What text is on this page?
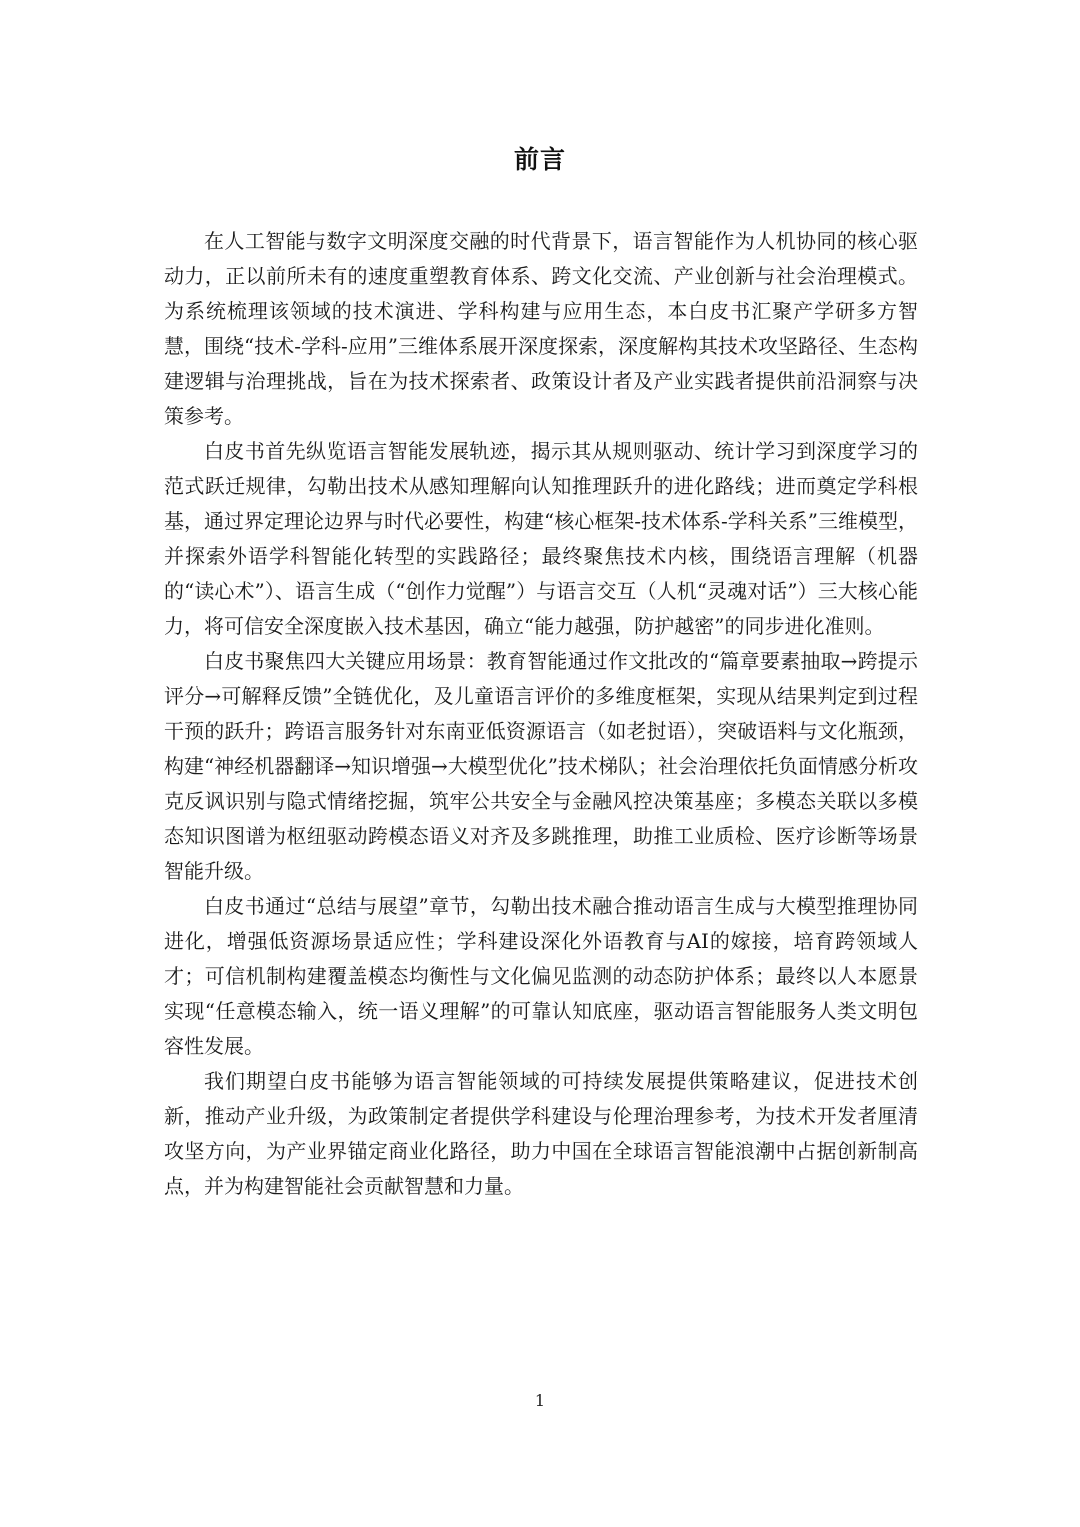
前言

在人工智能与数字文明深度交融的时代背景下，语言智能作为人机协同的核心驱动力，正以前所未有的速度重塑教育体系、跨文化交流、产业创新与社会治理模式。为系统梳理该领域的技术演进、学科构建与应用生态，本白皮书汇聚产学研多方智慧，围绕“技术-学科-应用”三维体系展开深度探索，深度解构其技术攻坚路径、生态构建逻辑与治理挑战，旨在为技术探索者、政策设计者及产业实践者提供前沿洞察与决策参考。

白皮书首先纵览语言智能发展轨迹，揭示其从规则驱动、统计学习到深度学习的范式跃迁规律，勾勒出技术从感知理解向认知推理跃升的进化路线；进而奠定学科根基，通过界定理论边界与时代必要性，构建“核心框架-技术体系-学科关系”三维模型，并探索外语学科智能化转型的实践路径；最终聚焦技术内核，围绕语言理解（机器的“读心术”）、语言生成（“创作力觉醒”）与语言交互（人机“灵魂对话”）三大核心能力，将可信安全深度嵌入技术基因，确立“能力越强，防护越密”的同步进化准则。

白皮书聚焦四大关键应用场景：教育智能通过作文批改的“篇章要素抽取→跨提示评分→可解释反馈”全链优化，及儿童语言评价的多维度框架，实现从结果判定到过程干预的跃升；跨语言服务针对东南亚低资源语言（如老挝语），突破语料与文化瓶颈，构建“神经机器翻译→知识增强→大模型优化”技术梯队；社会治理依托负面情感分析攻克反讽识别与隐式情绪挖掘，筑牢公共安全与金融风控决策基座；多模态关联以多模态知识图谱为枢纽驱动跨模态语义对齐及多跳推理，助推工业质检、医疗诊断等场景智能升级。

白皮书通过“总结与展望”章节，勾勒出技术融合推动语言生成与大模型推理协同进化，增强低资源场景适应性；学科建设深化外语教育与AI的嫁接，培育跨领域人才；可信机制构建覆盖模态均衡性与文化偏见监测的动态防护体系；最终以人本愿景实现“任意模态输入，统一语义理解”的可靠认知底座，驱动语言智能服务人类文明包容性发展。

我们期望白皮书能够为语言智能领域的可持续发展提供策略建议，促进技术创新，推动产业升级，为政策制定者提供学科建设与伦理治理参考，为技术开发者厘清攻坚方向，为产业界锚定商业化路径，助力中国在全球语言智能浪潮中占据创新制高点，并为构建智能社会贡献智慧和力量。

1
